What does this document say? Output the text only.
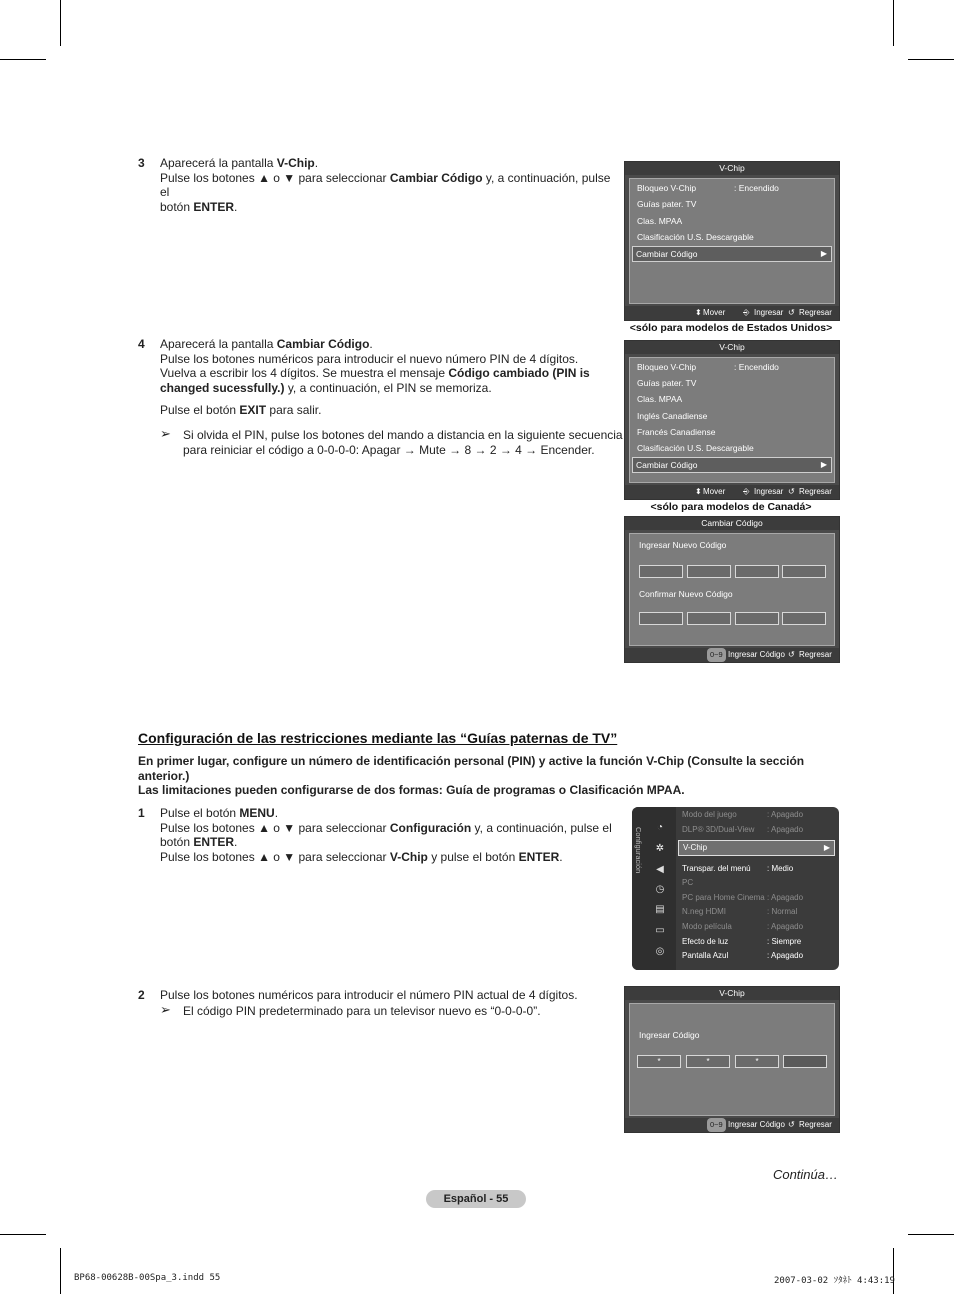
3 Aparecerá la pantalla V-Chip.
Pulse los botones ▲ o ▼ para seleccionar Cambiar Código y, a continuación, pulse el
botón ENTER.
V-Chip
Bloqueo V-Chip	: Encendido
Guías pater. TV
Clas. MPAA
Clasificación U.S. Descargable
Cambiar Código	▶
⬍ Mover ⎆ Ingresar ↺ Regresar
<sólo para modelos de Estados Unidos>
4 Aparecerá la pantalla Cambiar Código.
Pulse los botones numéricos para introducir el nuevo número PIN de 4 dígitos.
Vuelva a escribir los 4 dígitos. Se muestra el mensaje Código cambiado (PIN is
changed sucessfully.) y, a continuación, el PIN se memoriza.
Pulse el botón EXIT para salir.
➢ Si olvida el PIN, pulse los botones del mando a distancia en la siguiente secuencia
para reiniciar el código a 0-0-0-0: Apagar → Mute → 8 → 2 → 4 → Encender.
V-Chip
Bloqueo V-Chip	: Encendido
Guías pater. TV
Clas. MPAA
Inglés Canadiense
Francés Canadiense
Clasificación U.S. Descargable
Cambiar Código	▶
⬍ Mover ⎆ Ingresar ↺ Regresar
<sólo para modelos de Canadá>
Cambiar Código
Ingresar Nuevo Código
Confirmar Nuevo Código
0~9 Ingresar Código ↺ Regresar
Configuración de las restricciones mediante las “Guías paternas de TV”
En primer lugar, configure un número de identificación personal (PIN) y active la función V-Chip (Consulte la sección
anterior.)
Las limitaciones pueden configurarse de dos formas: Guía de programas o Clasificación MPAA.
1 Pulse el botón MENU.
Pulse los botones ▲ o ▼ para seleccionar Configuración y, a continuación, pulse el
botón ENTER.
Pulse los botones ▲ o ▼ para seleccionar V-Chip y pulse el botón ENTER.	Configuración ◔
✲
◀
◷
▤
▭
◎
Modo del juego	: Apagado
DLP® 3D/Dual-View : Apagado
V-Chip	▶
Transpar. del menú : Medio
PC
PC para Home Cinema : Apagado
N.neg HDMI	: Normal
Modo película	: Apagado
Efecto de luz	: Siempre
Pantalla Azul	: Apagado
2 Pulse los botones numéricos para introducir el número PIN actual de 4 dígitos.
➢ El código PIN predeterminado para un televisor nuevo es “0-0-0-0”.
V-Chip
Ingresar Código
*	*	*
0~9 Ingresar Código ↺ Regresar
Continúa…
Español - 55
BP68-00628B-00Spa_3.indd 55	2007-03-02 ｿﾀﾈﾄ 4:43:19
